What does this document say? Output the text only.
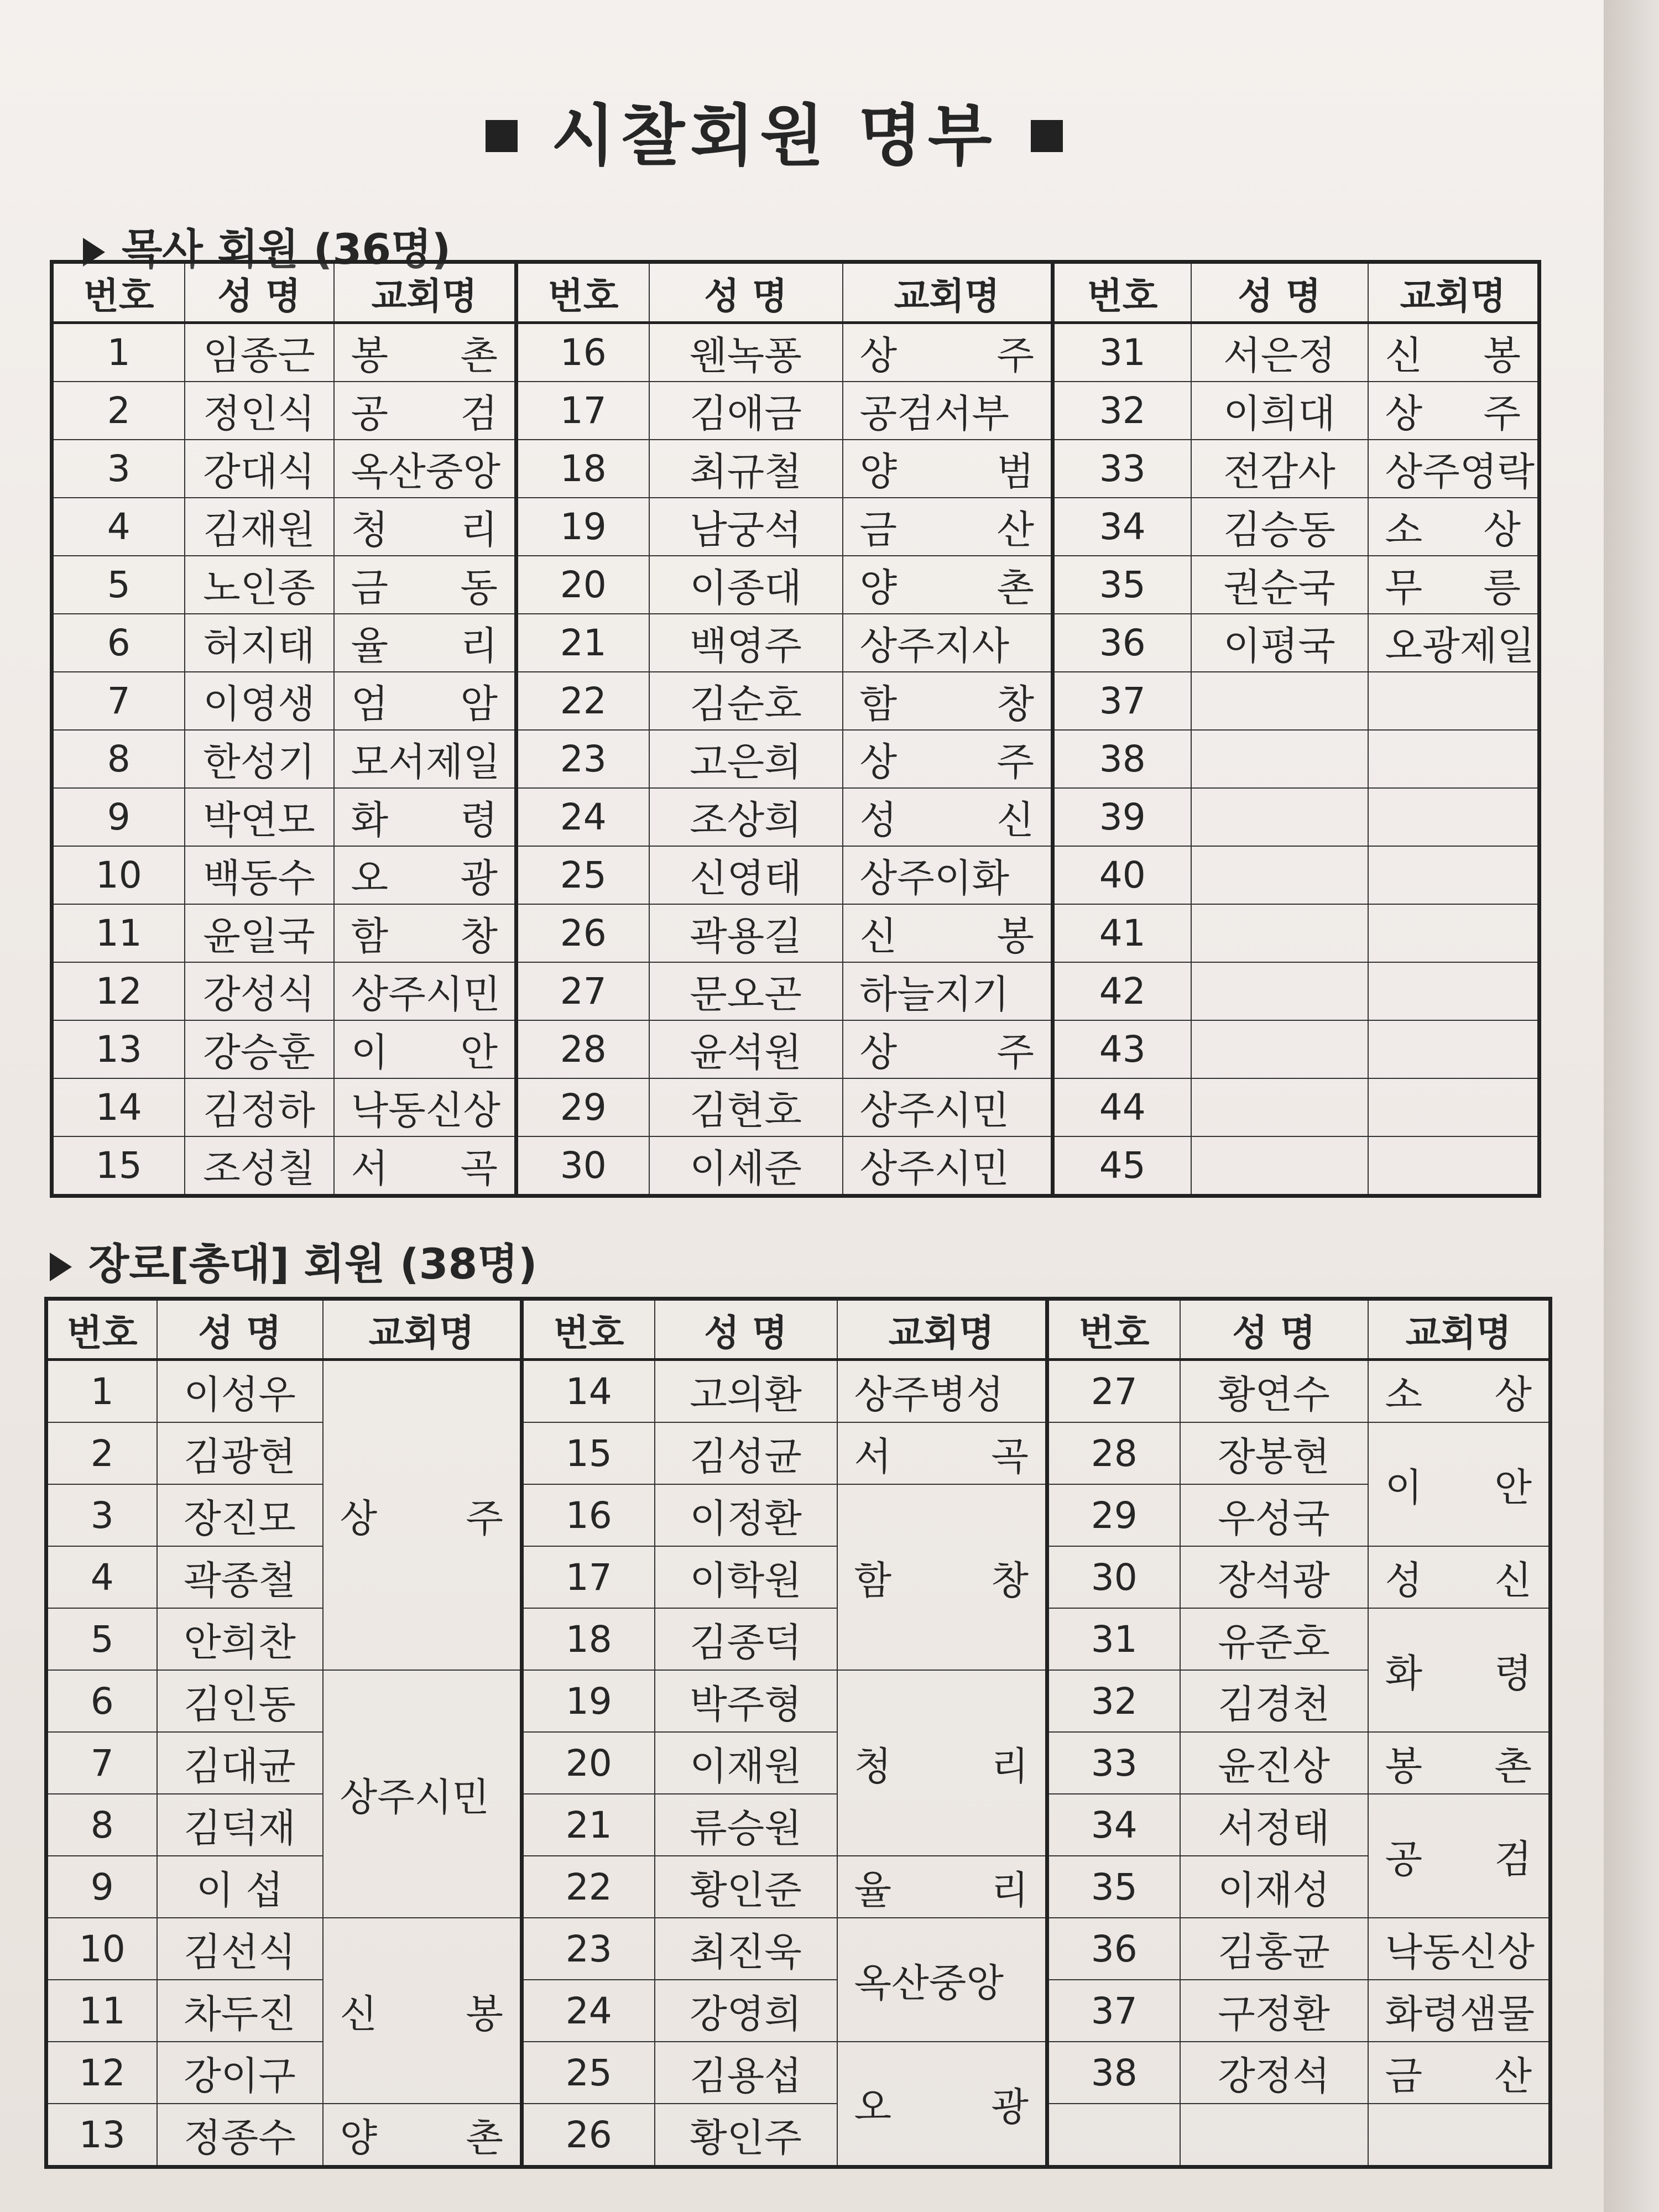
시찰회원 명부
목사 회원 (36명)
번호	성 명	교회명	번호	성 명	교회명	번호	성 명	교회명
1	임종근	봉 촌	16	웬녹퐁	상 주	31	서은정	신 봉
2	정인식	공 검	17	김애금	공검서부	32	이희대	상 주
3	강대식	옥산중앙	18	최규철	양 범	33	전감사	상주영락
4	김재원	청 리	19	남궁석	금 산	34	김승동	소 상
5	노인종	금 동	20	이종대	양 촌	35	권순국	무 릉
6	허지태	율 리	21	백영주	상주지사	36	이평국	오광제일
7	이영생	엄 암	22	김순호	함 창	37		
8	한성기	모서제일	23	고은희	상 주	38		
9	박연모	화 령	24	조상희	성 신	39		
10	백동수	오 광	25	신영태	상주이화	40		
11	윤일국	함 창	26	곽용길	신 봉	41		
12	강성식	상주시민	27	문오곤	하늘지기	42		
13	강승훈	이 안	28	윤석원	상 주	43		
14	김정하	낙동신상	29	김현호	상주시민	44		
15	조성칠	서 곡	30	이세준	상주시민	45		
장로[총대] 회원 (38명)
번호	성 명	교회명	번호	성 명	교회명	번호	성 명	교회명
1	이성우	상 주	14	고의환	상주병성	27	황연수	소 상
2	김광현		15	김성균	서 곡	28	장봉현	이 안
3	장진모		16	이정환	함 창	29	우성국	
4	곽종철		17	이학원		30	장석광	성 신
5	안희찬		18	김종덕		31	유준호	화 령
6	김인동	상주시민	19	박주형	청 리	32	김경천	
7	김대균		20	이재원		33	윤진상	봉 촌
8	김덕재		21	류승원		34	서정태	공 검
9	이 섭		22	황인준	율 리	35	이재성	
10	김선식	신 봉	23	최진욱	옥산중앙	36	김홍균	낙동신상
11	차두진		24	강영희		37	구정환	화령샘물
12	강이구		25	김용섭	오 광	38	강정석	금 산
13	정종수	양 촌	26	황인주				
